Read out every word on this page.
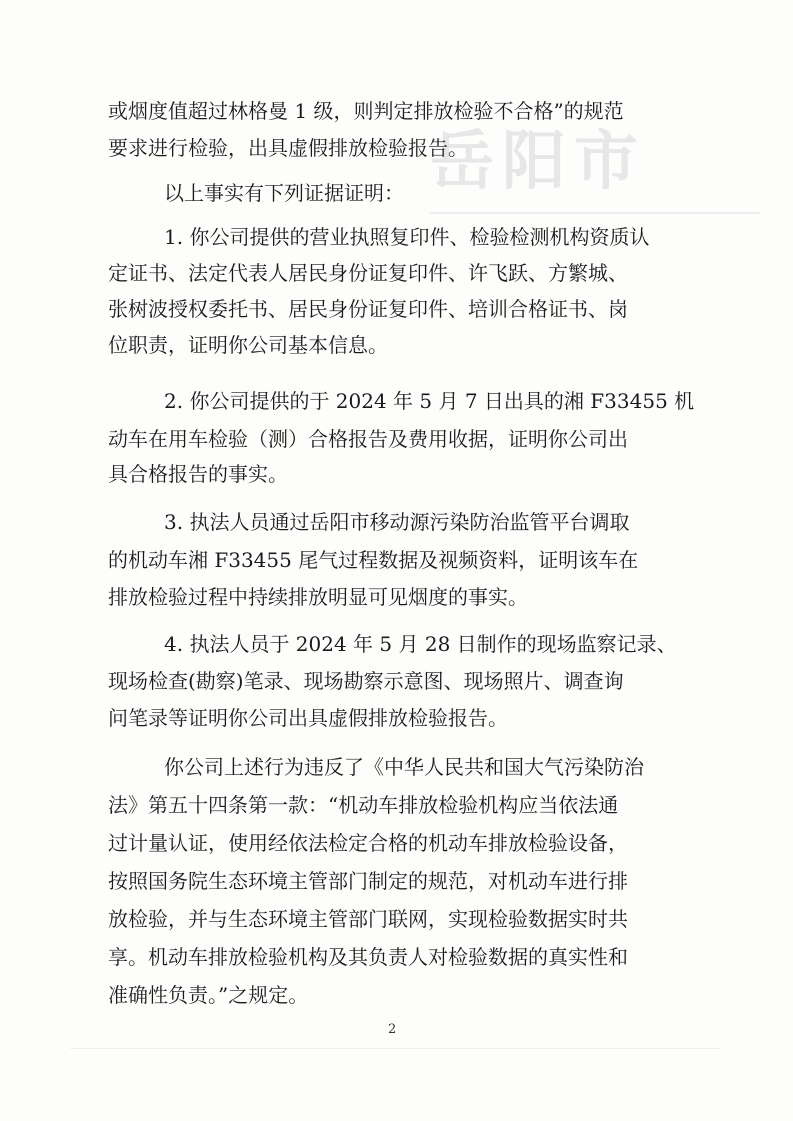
岳阳市
或烟度值超过林格曼 1 级，则判定排放检验不合格”的规范
要求进行检验，出具虚假排放检验报告。
以上事实有下列证据证明：
1. 你公司提供的营业执照复印件、检验检测机构资质认
定证书、法定代表人居民身份证复印件、许飞跃、方繁城、
张树波授权委托书、居民身份证复印件、培训合格证书、岗
位职责，证明你公司基本信息。
2. 你公司提供的于 2024 年 5 月 7 日出具的湘 F33455 机
动车在用车检验（测）合格报告及费用收据，证明你公司出
具合格报告的事实。
3. 执法人员通过岳阳市移动源污染防治监管平台调取
的机动车湘 F33455 尾气过程数据及视频资料，证明该车在
排放检验过程中持续排放明显可见烟度的事实。
4. 执法人员于 2024 年 5 月 28 日制作的现场监察记录、
现场检查(勘察)笔录、现场勘察示意图、现场照片、调查询
问笔录等证明你公司出具虚假排放检验报告。
你公司上述行为违反了《中华人民共和国大气污染防治
法》第五十四条第一款：“机动车排放检验机构应当依法通
过计量认证，使用经依法检定合格的机动车排放检验设备，
按照国务院生态环境主管部门制定的规范，对机动车进行排
放检验，并与生态环境主管部门联网，实现检验数据实时共
享。机动车排放检验机构及其负责人对检验数据的真实性和
准确性负责。”之规定。
2
